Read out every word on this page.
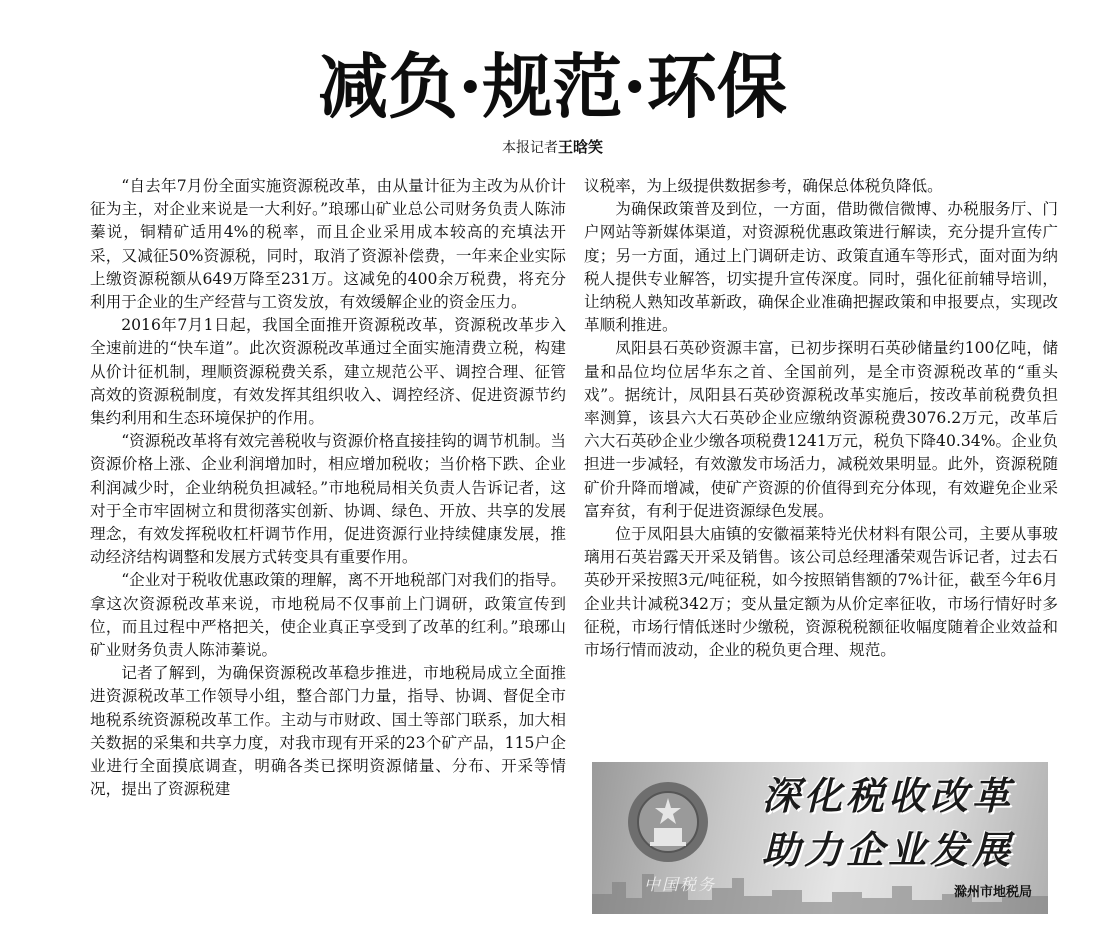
减负·规范·环保
本报记者王晗笑

“自去年7月份全面实施资源税改革，由从量计征为主改为从价计征为主，对企业来说是一大利好。”琅琊山矿业总公司财务负责人陈沛蓁说，铜精矿适用4%的税率，而且企业采用成本较高的充填法开采，又减征50%资源税，同时，取消了资源补偿费，一年来企业实际上缴资源税额从649万降至231万。这减免的400余万税费，将充分利用于企业的生产经营与工资发放，有效缓解企业的资金压力。

2016年7月1日起，我国全面推开资源税改革，资源税改革步入全速前进的“快车道”。此次资源税改革通过全面实施清费立税，构建从价计征机制，理顺资源税费关系，建立规范公平、调控合理、征管高效的资源税制度，有效发挥其组织收入、调控经济、促进资源节约集约利用和生态环境保护的作用。

“资源税改革将有效完善税收与资源价格直接挂钩的调节机制。当资源价格上涨、企业利润增加时，相应增加税收；当价格下跌、企业利润减少时，企业纳税负担减轻。”市地税局相关负责人告诉记者，这对于全市牢固树立和贯彻落实创新、协调、绿色、开放、共享的发展理念，有效发挥税收杠杆调节作用，促进资源行业持续健康发展，推动经济结构调整和发展方式转变具有重要作用。

“企业对于税收优惠政策的理解，离不开地税部门对我们的指导。拿这次资源税改革来说，市地税局不仅事前上门调研，政策宣传到位，而且过程中严格把关，使企业真正享受到了改革的红利。”琅琊山矿业财务负责人陈沛蓁说。

记者了解到，为确保资源税改革稳步推进，市地税局成立全面推进资源税改革工作领导小组，整合部门力量，指导、协调、督促全市地税系统资源税改革工作。主动与市财政、国土等部门联系，加大相关数据的采集和共享力度，对我市现有开采的23个矿产品，115户企业进行全面摸底调查，明确各类已探明资源储量、分布、开采等情况，提出了资源税建

议税率，为上级提供数据参考，确保总体税负降低。

为确保政策普及到位，一方面，借助微信微博、办税服务厅、门户网站等新媒体渠道，对资源税优惠政策进行解读，充分提升宣传广度；另一方面，通过上门调研走访、政策直通车等形式，面对面为纳税人提供专业解答，切实提升宣传深度。同时，强化征前辅导培训，让纳税人熟知改革新政，确保企业准确把握政策和申报要点，实现改革顺利推进。

凤阳县石英砂资源丰富，已初步探明石英砂储量约100亿吨，储量和品位均位居华东之首、全国前列，是全市资源税改革的“重头戏”。据统计，凤阳县石英砂资源税改革实施后，按改革前税费负担率测算，该县六大石英砂企业应缴纳资源税费3076.2万元，改革后六大石英砂企业少缴各项税费1241万元，税负下降40.34%。企业负担进一步减轻，有效激发市场活力，减税效果明显。此外，资源税随矿价升降而增减，使矿产资源的价值得到充分体现，有效避免企业采富弃贫，有利于促进资源绿色发展。

位于凤阳县大庙镇的安徽福莱特光伏材料有限公司，主要从事玻璃用石英岩露天开采及销售。该公司总经理潘荣观告诉记者，过去石英砂开采按照3元/吨征税，如今按照销售额的7%计征，截至今年6月企业共计减税342万；变从量定额为从价定率征收，市场行情好时多征税，市场行情低迷时少缴税，资源税税额征收幅度随着企业效益和市场行情而波动，企业的税负更合理、规范。

深化税收改革
助力企业发展
中国税务	滁州市地税局
